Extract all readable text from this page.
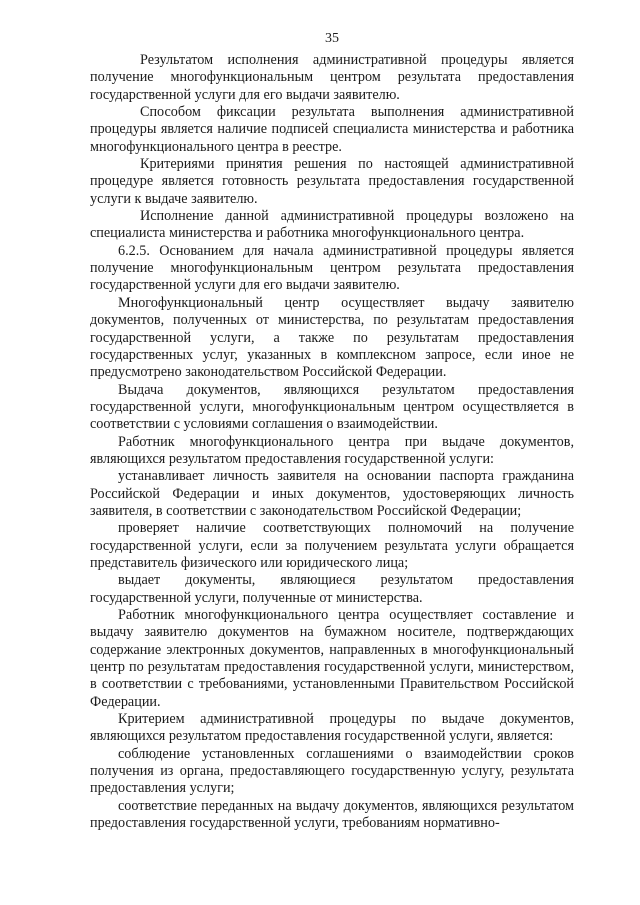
35

Результатом исполнения административной процедуры является получение многофункциональным центром результата предоставления государственной услуги для его выдачи заявителю.

Способом фиксации результата выполнения административной процедуры является наличие подписей специалиста министерства и работника многофункционального центра в реестре.

Критериями принятия решения по настоящей административной процедуре является готовность результата предоставления государственной услуги к выдаче заявителю.

Исполнение данной административной процедуры возложено на специалиста министерства и работника многофункционального центра.

6.2.5. Основанием для начала административной процедуры является получение многофункциональным центром результата предоставления государственной услуги для его выдачи заявителю.

Многофункциональный центр осуществляет выдачу заявителю документов, полученных от министерства, по результатам предоставления государственной услуги, а также по результатам предоставления государственных услуг, указанных в комплексном запросе, если иное не предусмотрено законодательством Российской Федерации.

Выдача документов, являющихся результатом предоставления государственной услуги, многофункциональным центром осуществляется в соответствии с условиями соглашения о взаимодействии.

Работник многофункционального центра при выдаче документов, являющихся результатом предоставления государственной услуги:

устанавливает личность заявителя на основании паспорта гражданина Российской Федерации и иных документов, удостоверяющих личность заявителя, в соответствии с законодательством Российской Федерации;

проверяет наличие соответствующих полномочий на получение государственной услуги, если за получением результата услуги обращается представитель физического или юридического лица;

выдает документы, являющиеся результатом предоставления государственной услуги, полученные от министерства.

Работник многофункционального центра осуществляет составление и выдачу заявителю документов на бумажном носителе, подтверждающих содержание электронных документов, направленных в многофункциональный центр по результатам предоставления государственной услуги, министерством, в соответствии с требованиями, установленными Правительством Российской Федерации.

Критерием административной процедуры по выдаче документов, являющихся результатом предоставления государственной услуги, является:

соблюдение установленных соглашениями о взаимодействии сроков получения из органа, предоставляющего государственную услугу, результата предоставления услуги;

соответствие переданных на выдачу документов, являющихся результатом предоставления государственной услуги, требованиям нормативно-
